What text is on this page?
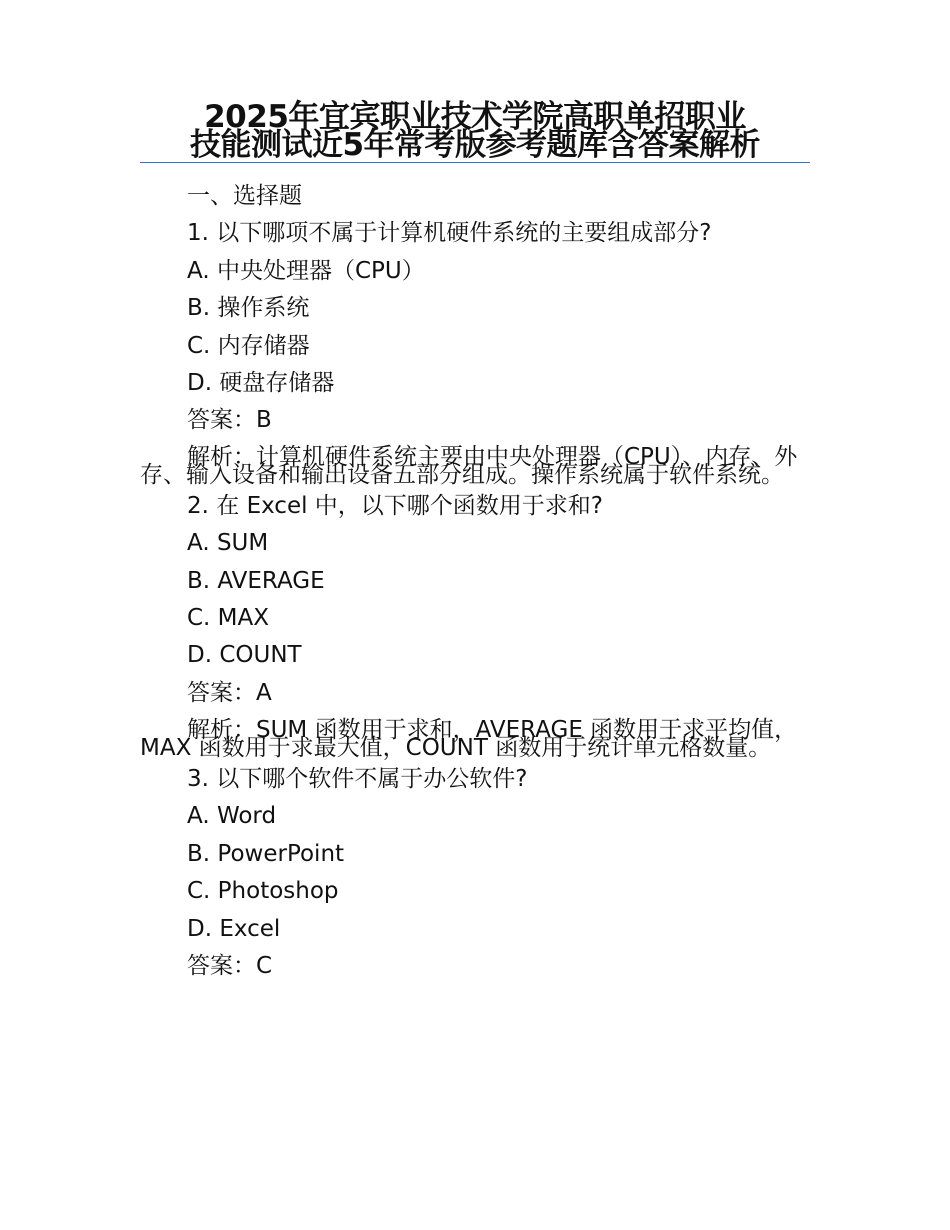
2025年宜宾职业技术学院高职单招职业
技能测试近5年常考版参考题库含答案解析
一、选择题
1. 以下哪项不属于计算机硬件系统的主要组成部分?
A. 中央处理器（CPU）
B. 操作系统
C. 内存储器
D. 硬盘存储器
答案：B
解析：计算机硬件系统主要由中央处理器（CPU）、内存、外存、输入设备和输出设备五部分组成。操作系统属于软件系统。
2. 在 Excel 中，以下哪个函数用于求和?
A. SUM
B. AVERAGE
C. MAX
D. COUNT
答案：A
解析：SUM 函数用于求和，AVERAGE 函数用于求平均值，MAX 函数用于求最大值，COUNT 函数用于统计单元格数量。
3. 以下哪个软件不属于办公软件?
A. Word
B. PowerPoint
C. Photoshop
D. Excel
答案：C
